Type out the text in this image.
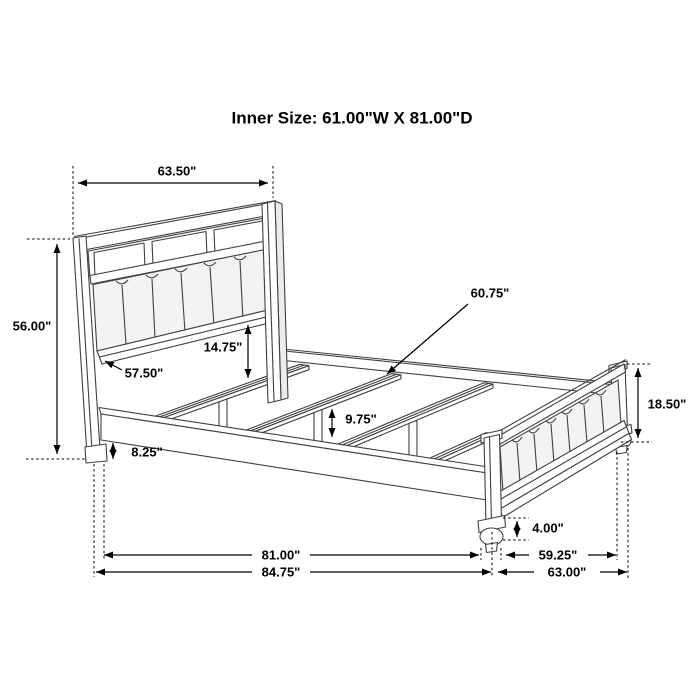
Inner Size: 61.00"W X 81.00"D
63.50"
56.00"
57.50"
14.75"
60.75"
9.75"
8.25"
18.50"
4.00"
81.00"
84.75"
59.25"
63.00"
